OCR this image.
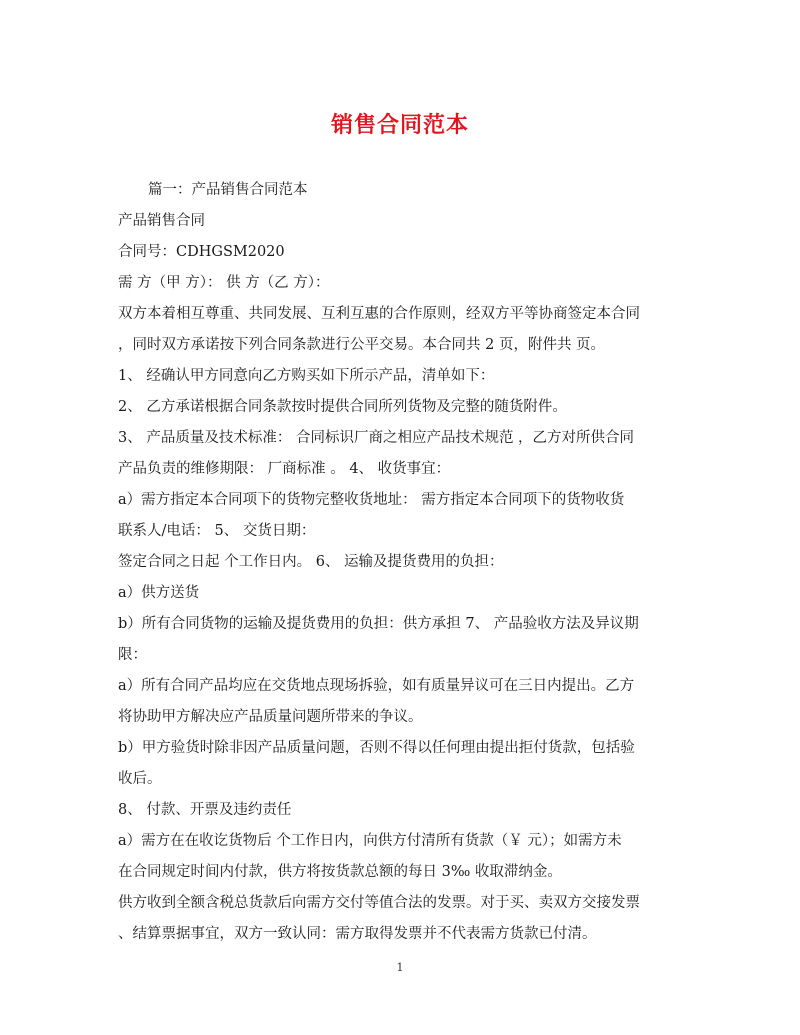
销售合同范本
篇一：产品销售合同范本
产品销售合同
合同号：CDHGSM2020
需 方（甲 方）： 供 方（乙 方）：
双方本着相互尊重、共同发展、互利互惠的合作原则，经双方平等协商签定本合同
，同时双方承诺按下列合同条款进行公平交易。本合同共 2 页，附件共 页。
1、 经确认甲方同意向乙方购买如下所示产品，清单如下：
2、 乙方承诺根据合同条款按时提供合同所列货物及完整的随货附件。
3、 产品质量及技术标准： 合同标识厂商之相应产品技术规范 ，乙方对所供合同
产品负责的维修期限： 厂商标准 。 4、 收货事宜：
a）需方指定本合同项下的货物完整收货地址： 需方指定本合同项下的货物收货
联系人/电话： 5、 交货日期：
签定合同之日起 个工作日内。 6、 运输及提货费用的负担：
a）供方送货
b）所有合同货物的运输及提货费用的负担：供方承担 7、 产品验收方法及异议期
限：
a）所有合同产品均应在交货地点现场拆验，如有质量异议可在三日内提出。乙方
将协助甲方解决应产品质量问题所带来的争议。
b）甲方验货时除非因产品质量问题，否则不得以任何理由提出拒付货款，包括验
收后。
8、 付款、开票及违约责任
a）需方在在收讫货物后 个工作日内，向供方付清所有货款（￥ 元）；如需方未
在合同规定时间内付款，供方将按货款总额的每日 3‰ 收取滞纳金。
供方收到全额含税总货款后向需方交付等值合法的发票。对于买、卖双方交接发票
、结算票据事宜，双方一致认同：需方取得发票并不代表需方货款已付清。
1
